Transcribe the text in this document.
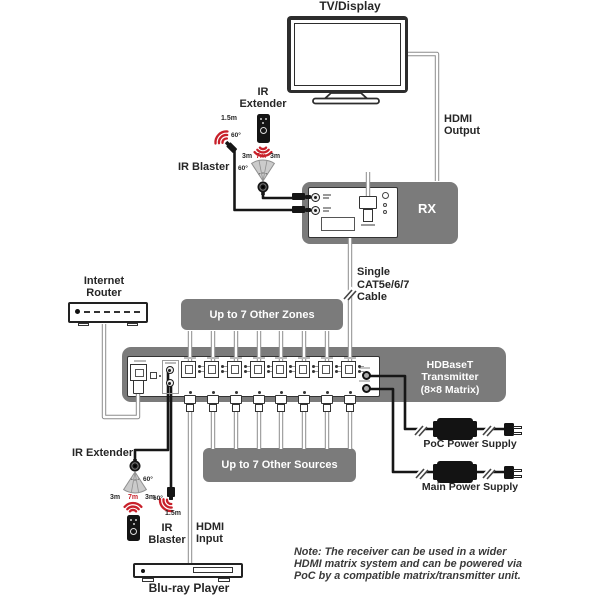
Up to 7 Other Zones
Up to 7 Other Sources
HDBaseT
Transmitter
(8×8 Matrix)
TV/Display
HDMI
Output
IR
Extender
1.5m
60°
IR Blaster
3m 7m 3m
60°
RX
Single
CAT5e/6/7
Cable
Internet
Router
PoC Power Supply
Main Power Supply
IR Extender
60°
3m 7m 3m
60°
1.5m
IR
Blaster
HDMI
Input
Blu-ray Player
Note: The receiver can be used in a wider
HDMI matrix system and can be powered via
PoC by a compatible matrix/transmitter unit.
